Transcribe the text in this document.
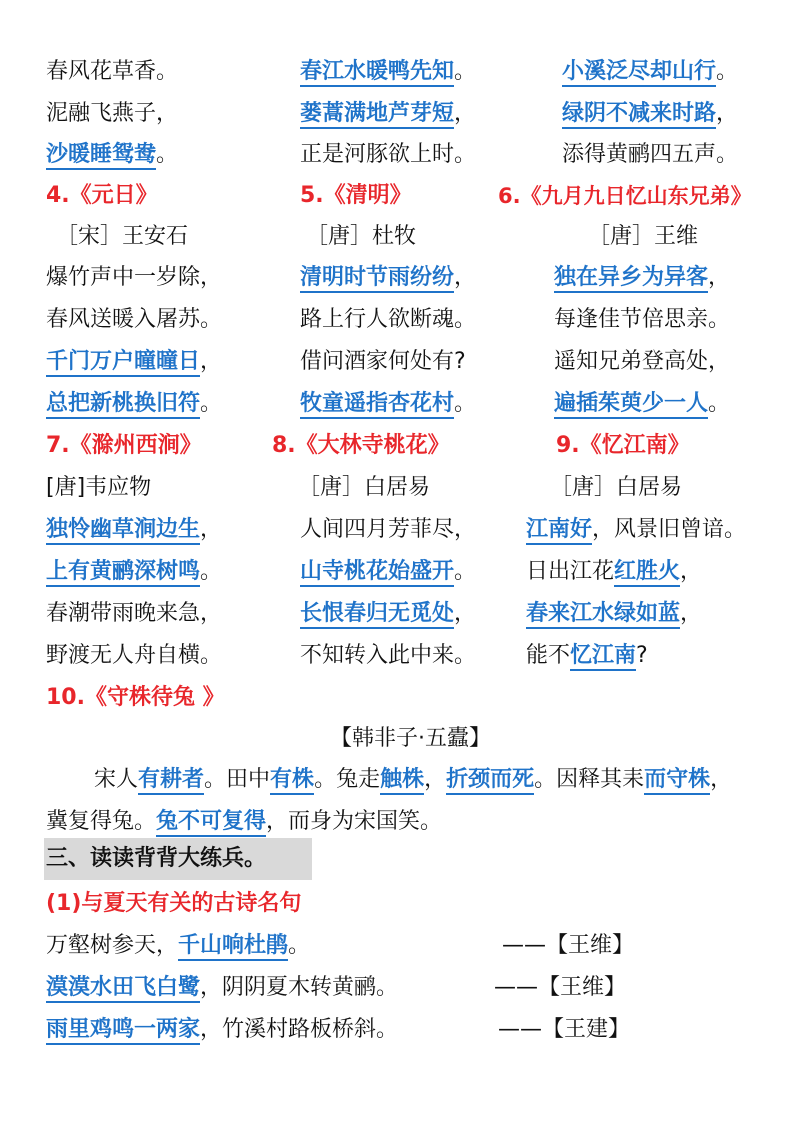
春风花草香。
泥融飞燕子，
沙暖睡鸳鸯。
春江水暖鸭先知。
蒌蒿满地芦芽短，
正是河豚欲上时。
小溪泛尽却山行。
绿阴不减来时路，
添得黄鹂四五声。
4.《元日》
［宋］王安石
爆竹声中一岁除，
春风送暖入屠苏。
千门万户曈曈日，
总把新桃换旧符。
5.《清明》
［唐］杜牧
清明时节雨纷纷，
路上行人欲断魂。
借问酒家何处有?
牧童遥指杏花村。
6.《九月九日忆山东兄弟》
［唐］王维
独在异乡为异客，
每逢佳节倍思亲。
遥知兄弟登高处，
遍插茱萸少一人。
7.《滁州西涧》
[唐]韦应物
独怜幽草涧边生，
上有黄鹂深树鸣。
春潮带雨晚来急，
野渡无人舟自横。
8.《大林寺桃花》
［唐］白居易
人间四月芳菲尽，
山寺桃花始盛开。
长恨春归无觅处，
不知转入此中来。
9.《忆江南》
［唐］白居易
江南好，风景旧曾谙。
日出江花红胜火，
春来江水绿如蓝，
能不忆江南?
10.《守株待兔 》
【韩非子·五蠹】
宋人有耕者。田中有株。兔走触株，折颈而死。因释其耒而守株，
冀复得兔。兔不可复得，而身为宋国笑。
三、读读背背大练兵。
(1)与夏天有关的古诗名句
万壑树参天，千山响杜鹃。	——【王维】
漠漠水田飞白鹭，阴阴夏木转黄鹂。	——【王维】
雨里鸡鸣一两家，竹溪村路板桥斜。	——【王建】
